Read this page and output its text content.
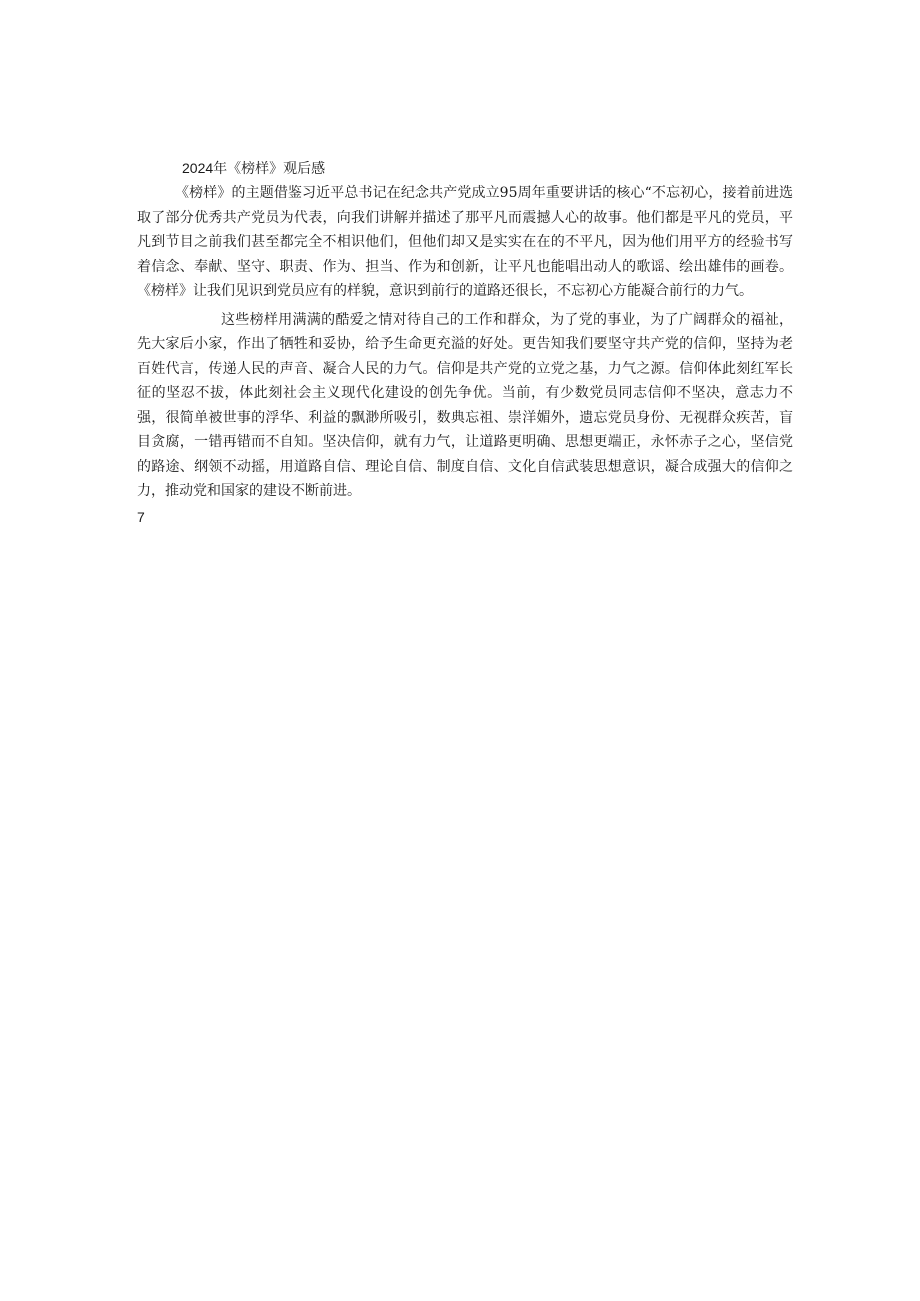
2024年《榜样》观后感

《榜样》的主题借鉴习近平总书记在纪念共产党成立95周年重要讲话的核心“不忘初心，接着前进选取了部分优秀共产党员为代表，向我们讲解并描述了那平凡而震撼人心的故事。他们都是平凡的党员，平凡到节目之前我们甚至都完全不相识他们，但他们却又是实实在在的不平凡，因为他们用平方的经验书写着信念、奉献、坚守、职责、作为、担当、作为和创新，让平凡也能唱出动人的歌谣、绘出雄伟的画卷。《榜样》让我们见识到党员应有的样貌，意识到前行的道路还很长，不忘初心方能凝合前行的力气。

这些榜样用满满的酷爱之情对待自己的工作和群众，为了党的事业，为了广阔群众的福祉，先大家后小家，作出了牺牲和妥协，给予生命更充溢的好处。更告知我们要坚守共产党的信仰，坚持为老百姓代言，传递人民的声音、凝合人民的力气。信仰是共产党的立党之基，力气之源。信仰体此刻红军长征的坚忍不拔，体此刻社会主义现代化建设的创先争优。当前，有少数党员同志信仰不坚决，意志力不强，很简单被世事的浮华、利益的飘渺所吸引，数典忘祖、崇洋媚外，遗忘党员身份、无视群众疾苦，盲目贪腐，一错再错而不自知。坚决信仰，就有力气，让道路更明确、思想更端正，永怀赤子之心，坚信党的路途、纲领不动摇，用道路自信、理论自信、制度自信、文化自信武装思想意识，凝合成强大的信仰之力，推动党和国家的建设不断前进。

7
